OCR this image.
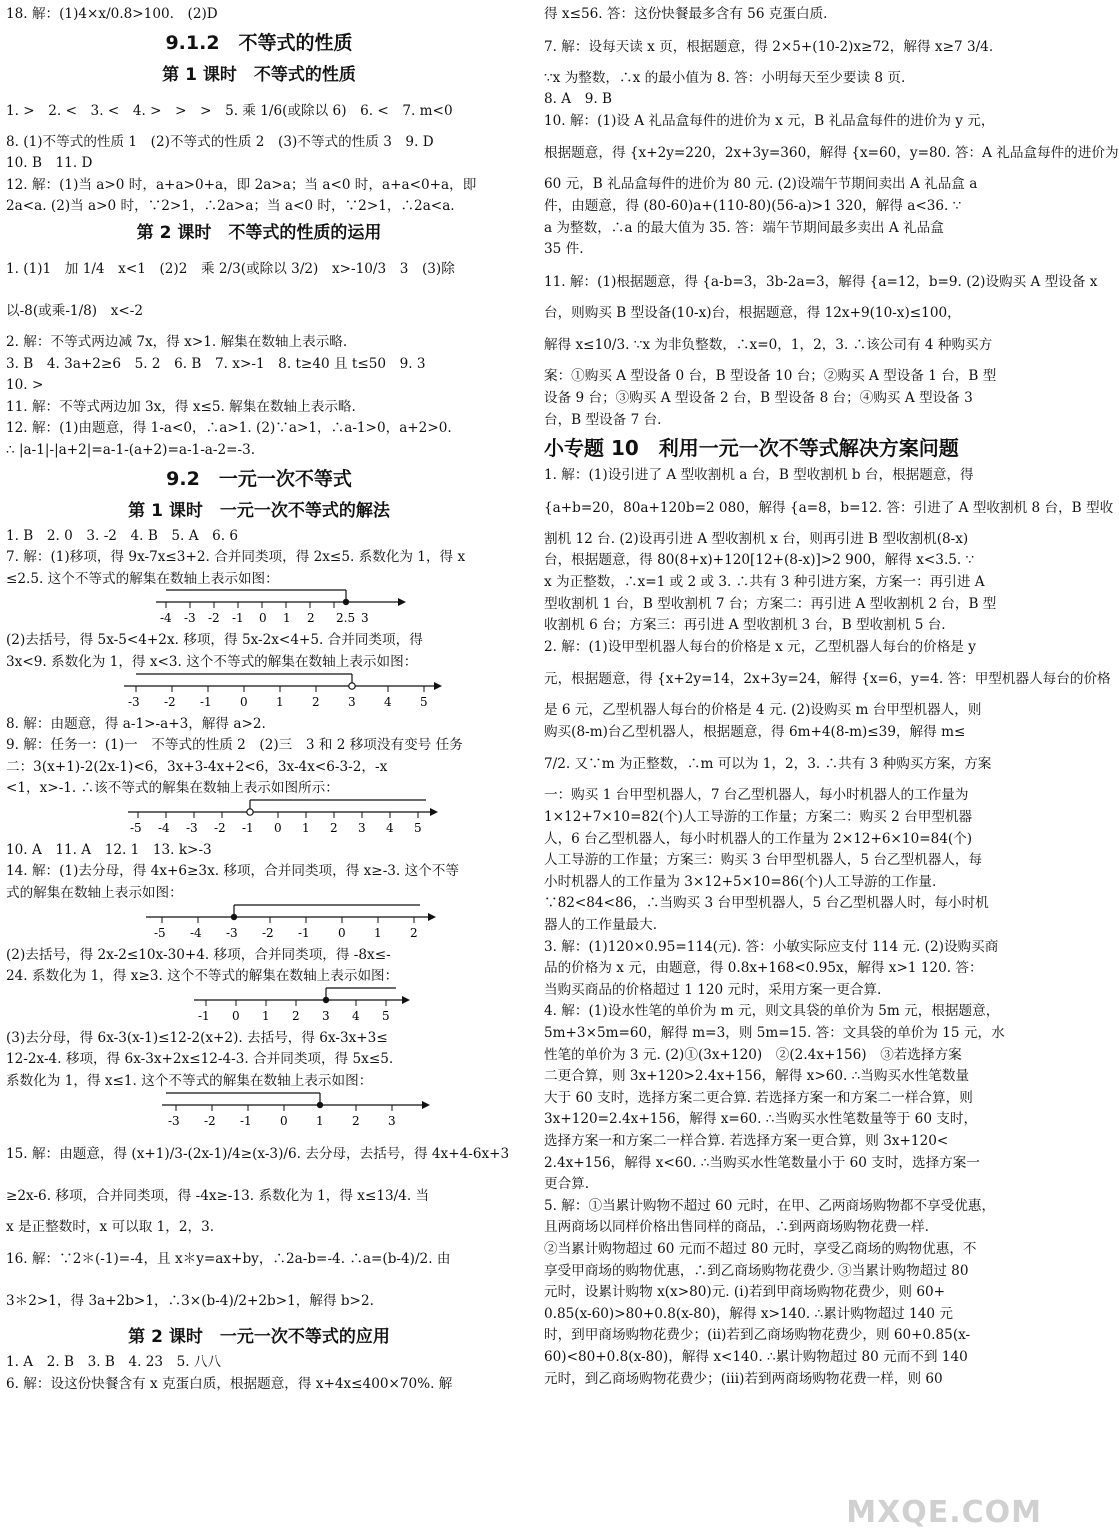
18. 解：(1)4×x/0.8>100.　(2)D
9.1.2　不等式的性质
第 1 课时　不等式的性质
1. >　2. <　3. <　4. >　>　>　5. 乘 1/6(或除以 6)　6. <　7. m<0
8. (1)不等式的性质 1　(2)不等式的性质 2　(3)不等式的性质 3　9. D
10. B　11. D
12. 解：(1)当 a>0 时，a+a>0+a，即 2a>a；当 a<0 时，a+a<0+a，即
2a<a. (2)当 a>0 时，∵2>1，∴2a>a；当 a<0 时，∵2>1，∴2a<a.
第 2 课时　不等式的性质的运用
1. (1)1　加 1/4　x<1　(2)2　乘 2/3(或除以 3/2)　x>-10/3　3　(3)除
以-8(或乘-1/8)　x<-2
2. 解：不等式两边减 7x，得 x>1. 解集在数轴上表示略.
3. B　4. 3a+2≥6　5. 2　6. B　7. x>-1　8. t≥40 且 t≤50　9. 3
10. >
11. 解：不等式两边加 3x，得 x≤5. 解集在数轴上表示略.
12. 解：(1)由题意，得 1-a<0，∴a>1. (2)∵a>1，∴a-1>0，a+2>0.
∴ |a-1|-|a+2|=a-1-(a+2)=a-1-a-2=-3.
9.2　一元一次不等式
第 1 课时　一元一次不等式的解法
1. B　2. 0　3. -2　4. B　5. A　6. 6
7. 解：(1)移项，得 9x-7x≤3+2. 合并同类项，得 2x≤5. 系数化为 1，得 x
≤2.5. 这个不等式的解集在数轴上表示如图：
-4 -3 -2 -1 0 1 2 2.5 3
(2)去括号，得 5x-5<4+2x. 移项，得 5x-2x<4+5. 合并同类项，得
3x<9. 系数化为 1，得 x<3. 这个不等式的解集在数轴上表示如图：
-3 -2 -1 0 1 2 3 4 5
8. 解：由题意，得 a-1>-a+3，解得 a>2.
9. 解：任务一：(1)一　不等式的性质 2　(2)三　3 和 2 移项没有变号 任务
二：3(x+1)-2(2x-1)<6，3x+3-4x+2<6，3x-4x<6-3-2，-x
<1，x>-1. ∴该不等式的解集在数轴上表示如图所示：
-5 -4 -3 -2 -1 0 1 2 3 4 5
10. A　11. A　12. 1　13. k>-3
14. 解：(1)去分母，得 4x+6≥3x. 移项，合并同类项，得 x≥-3. 这个不等
式的解集在数轴上表示如图：
-5 -4 -3 -2 -1 0 1 2
(2)去括号，得 2x-2≤10x-30+4. 移项，合并同类项，得 -8x≤-
24. 系数化为 1，得 x≥3. 这个不等式的解集在数轴上表示如图：
-1 0 1 2 3 4 5
(3)去分母，得 6x-3(x-1)≤12-2(x+2). 去括号，得 6x-3x+3≤
12-2x-4. 移项，得 6x-3x+2x≤12-4-3. 合并同类项，得 5x≤5.
系数化为 1，得 x≤1. 这个不等式的解集在数轴上表示如图：
-3 -2 -1 0 1 2 3
15. 解：由题意，得 (x+1)/3-(2x-1)/4≥(x-3)/6. 去分母，去括号，得 4x+4-6x+3
≥2x-6. 移项，合并同类项，得 -4x≥-13. 系数化为 1，得 x≤13/4. 当
x 是正整数时，x 可以取 1，2，3.
16. 解：∵2＊(-1)=-4，且 x＊y=ax+by，∴2a-b=-4. ∴a=(b-4)/2. 由
3＊2>1，得 3a+2b>1，∴3×(b-4)/2+2b>1，解得 b>2.
第 2 课时　一元一次不等式的应用
1. A　2. B　3. B　4. 23　5. 八八
6. 解：设这份快餐含有 x 克蛋白质，根据题意，得 x+4x≤400×70%. 解
得 x≤56. 答：这份快餐最多含有 56 克蛋白质.
7. 解：设每天读 x 页，根据题意，得 2×5+(10-2)x≥72，解得 x≥7 3/4.
∵x 为整数，∴x 的最小值为 8. 答：小明每天至少要读 8 页.
8. A　9. B
10. 解：(1)设 A 礼品盒每件的进价为 x 元，B 礼品盒每件的进价为 y 元，
根据题意，得 {x+2y=220，2x+3y=360，解得 {x=60，y=80. 答：A 礼品盒每件的进价为
60 元，B 礼品盒每件的进价为 80 元. (2)设端午节期间卖出 A 礼品盒 a
件，由题意，得 (80-60)a+(110-80)(56-a)>1 320，解得 a<36. ∵
a 为整数，∴a 的最大值为 35. 答：端午节期间最多卖出 A 礼品盒
35 件.
11. 解：(1)根据题意，得 {a-b=3，3b-2a=3，解得 {a=12，b=9. (2)设购买 A 型设备 x
台，则购买 B 型设备(10-x)台，根据题意，得 12x+9(10-x)≤100，
解得 x≤10/3. ∵x 为非负整数，∴x=0，1，2，3. ∴该公司有 4 种购买方
案：①购买 A 型设备 0 台，B 型设备 10 台；②购买 A 型设备 1 台，B 型
设备 9 台；③购买 A 型设备 2 台，B 型设备 8 台；④购买 A 型设备 3
台，B 型设备 7 台.
小专题 10　利用一元一次不等式解决方案问题
1. 解：(1)设引进了 A 型收割机 a 台，B 型收割机 b 台，根据题意，得
{a+b=20，80a+120b=2 080，解得 {a=8，b=12. 答：引进了 A 型收割机 8 台，B 型收
割机 12 台. (2)设再引进 A 型收割机 x 台，则再引进 B 型收割机(8-x)
台，根据题意，得 80(8+x)+120[12+(8-x)]>2 900，解得 x<3.5. ∵
x 为正整数，∴x=1 或 2 或 3. ∴共有 3 种引进方案，方案一：再引进 A
型收割机 1 台，B 型收割机 7 台；方案二：再引进 A 型收割机 2 台，B 型
收割机 6 台；方案三：再引进 A 型收割机 3 台，B 型收割机 5 台.
2. 解：(1)设甲型机器人每台的价格是 x 元，乙型机器人每台的价格是 y
元，根据题意，得 {x+2y=14，2x+3y=24，解得 {x=6，y=4. 答：甲型机器人每台的价格
是 6 元，乙型机器人每台的价格是 4 元. (2)设购买 m 台甲型机器人，则
购买(8-m)台乙型机器人，根据题意，得 6m+4(8-m)≤39，解得 m≤
7/2. 又∵m 为正整数，∴m 可以为 1，2，3. ∴共有 3 种购买方案，方案
一：购买 1 台甲型机器人，7 台乙型机器人，每小时机器人的工作量为
1×12+7×10=82(个)人工导游的工作量；方案二：购买 2 台甲型机器
人，6 台乙型机器人，每小时机器人的工作量为 2×12+6×10=84(个)
人工导游的工作量；方案三：购买 3 台甲型机器人，5 台乙型机器人，每
小时机器人的工作量为 3×12+5×10=86(个)人工导游的工作量.
∵82<84<86，∴当购买 3 台甲型机器人，5 台乙型机器人时，每小时机
器人的工作量最大.
3. 解：(1)120×0.95=114(元). 答：小敏实际应支付 114 元. (2)设购买商
品的价格为 x 元，由题意，得 0.8x+168<0.95x，解得 x>1 120. 答：
当购买商品的价格超过 1 120 元时，采用方案一更合算.
4. 解：(1)设水性笔的单价为 m 元，则文具袋的单价为 5m 元，根据题意，
5m+3×5m=60，解得 m=3，则 5m=15. 答：文具袋的单价为 15 元，水
性笔的单价为 3 元. (2)①(3x+120)　②(2.4x+156)　③若选择方案
二更合算，则 3x+120>2.4x+156，解得 x>60. ∴当购买水性笔数量
大于 60 支时，选择方案二更合算. 若选择方案一和方案二一样合算，则
3x+120=2.4x+156，解得 x=60. ∴当购买水性笔数量等于 60 支时，
选择方案一和方案二一样合算. 若选择方案一更合算，则 3x+120<
2.4x+156，解得 x<60. ∴当购买水性笔数量小于 60 支时，选择方案一
更合算.
5. 解：①当累计购物不超过 60 元时，在甲、乙两商场购物都不享受优惠，
且两商场以同样价格出售同样的商品，∴到两商场购物花费一样.
②当累计购物超过 60 元而不超过 80 元时，享受乙商场的购物优惠，不
享受甲商场的购物优惠，∴到乙商场购物花费少. ③当累计购物超过 80
元时，设累计购物 x(x>80)元. (ⅰ)若到甲商场购物花费少，则 60+
0.85(x-60)>80+0.8(x-80)，解得 x>140. ∴累计购物超过 140 元
时，到甲商场购物花费少；(ⅱ)若到乙商场购物花费少，则 60+0.85(x-
60)<80+0.8(x-80)，解得 x<140. ∴累计购物超过 80 元而不到 140
元时，到乙商场购物花费少；(ⅲ)若到两商场购物花费一样，则 60
MXQE.COM
